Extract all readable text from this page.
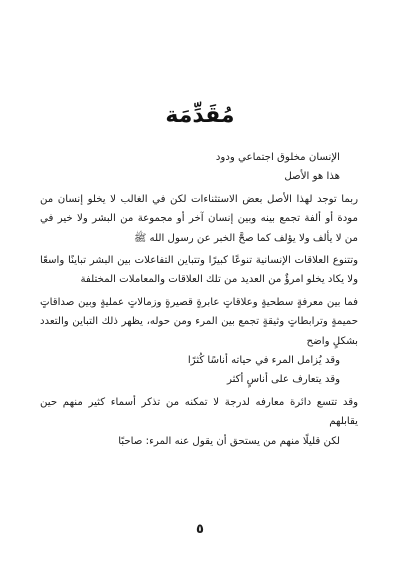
مُقَدِّمَة

الإنسان مخلوق اجتماعي ودود

هذا هو الأصل

ربما توجد لهذا الأصل بعض الاستثناءات لكن في الغالب لا يخلو إنسان من مودة أو ألفة تجمع بينه وبين إنسان آخر أو مجموعة من البشر ولا خير في من لا يألف ولا يؤلف كما صحَّ الخبر عن رسول الله ﷺ

وتتنوع العلاقات الإنسانية تنوعًا كبيرًا وتتباين التفاعلات بين البشر تباينًا واسعًا ولا يكاد يخلو امرؤٌ من العديد من تلك العلاقات والمعاملات المختلفة

فما بين معرفةٍ سطحيةٍ وعلاقاتٍ عابرةٍ قصيرةٍ وزمالاتٍ عمليةٍ وبين صداقاتٍ حميمةٍ وترابطاتٍ وثيقةٍ تجمع بين المرء ومن حوله، يظهر ذلك التباين والتعدد بشكلٍ واضح

وقد يُزامل المرء في حياته أناسًا كُثرًا

وقد يتعارف على أناسٍ أكثر

وقد تتسع دائرة معارفه لدرجة لا تمكنه من تذكر أسماء كثير منهم حين يقابلهم

لكن قليلًا منهم من يستحق أن يقول عنه المرء: صاحبًا

٥
